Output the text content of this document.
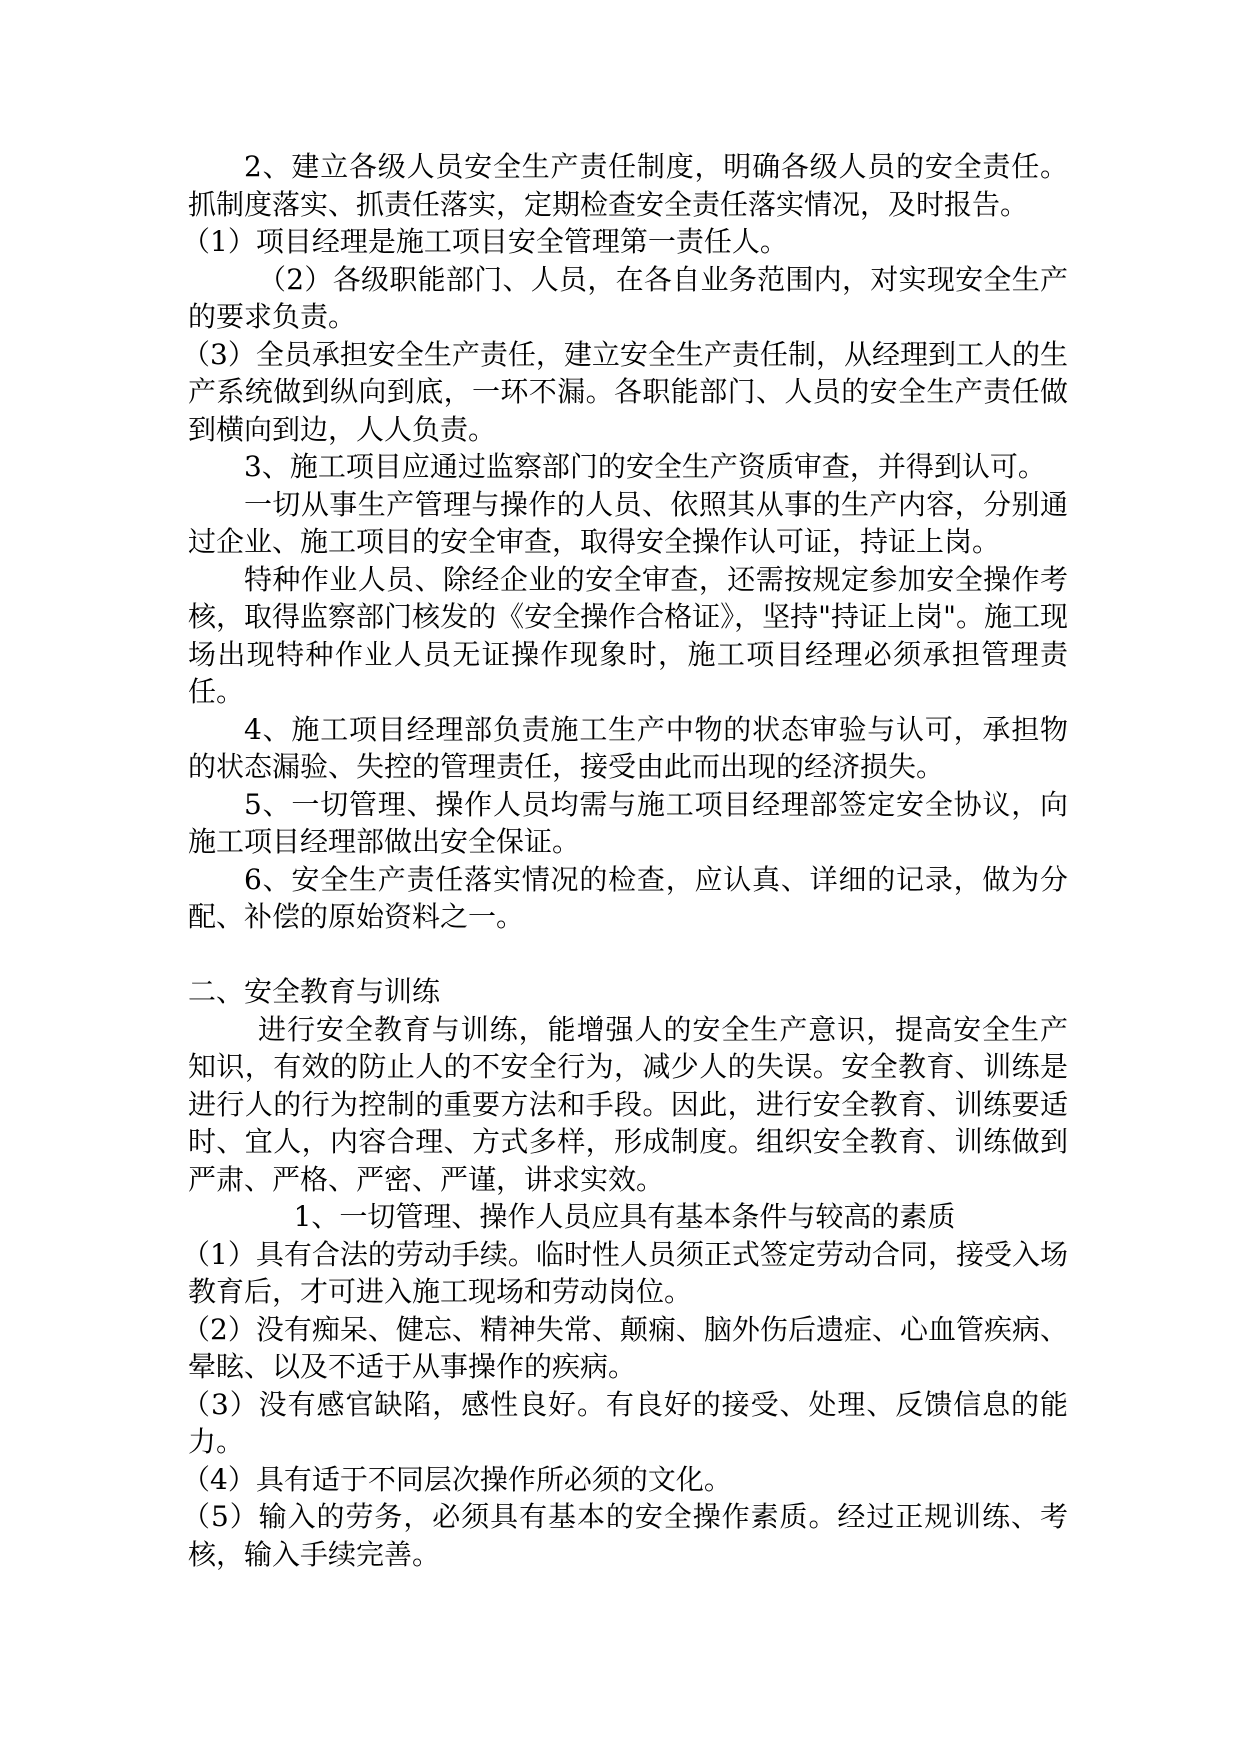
2、建立各级人员安全生产责任制度，明确各级人员的安全责任。抓制度落实、抓责任落实，定期检查安全责任落实情况，及时报告。

（1）项目经理是施工项目安全管理第一责任人。

（2）各级职能部门、人员，在各自业务范围内，对实现安全生产的要求负责。

（3）全员承担安全生产责任，建立安全生产责任制，从经理到工人的生产系统做到纵向到底，一环不漏。各职能部门、人员的安全生产责任做到横向到边，人人负责。

3、施工项目应通过监察部门的安全生产资质审查，并得到认可。

一切从事生产管理与操作的人员、依照其从事的生产内容，分别通过企业、施工项目的安全审查，取得安全操作认可证，持证上岗。

特种作业人员、除经企业的安全审查，还需按规定参加安全操作考核，取得监察部门核发的《安全操作合格证》，坚持"持证上岗"。施工现场出现特种作业人员无证操作现象时，施工项目经理必须承担管理责任。

4、施工项目经理部负责施工生产中物的状态审验与认可，承担物的状态漏验、失控的管理责任，接受由此而出现的经济损失。

5、一切管理、操作人员均需与施工项目经理部签定安全协议，向施工项目经理部做出安全保证。

6、安全生产责任落实情况的检查，应认真、详细的记录，做为分配、补偿的原始资料之一。

二、安全教育与训练

进行安全教育与训练，能增强人的安全生产意识，提高安全生产知识，有效的防止人的不安全行为，减少人的失误。安全教育、训练是进行人的行为控制的重要方法和手段。因此，进行安全教育、训练要适时、宜人，内容合理、方式多样，形成制度。组织安全教育、训练做到严肃、严格、严密、严谨，讲求实效。

1、一切管理、操作人员应具有基本条件与较高的素质

（1）具有合法的劳动手续。临时性人员须正式签定劳动合同，接受入场教育后，才可进入施工现场和劳动岗位。

（2）没有痴呆、健忘、精神失常、颠痫、脑外伤后遗症、心血管疾病、晕眩、以及不适于从事操作的疾病。

（3）没有感官缺陷，感性良好。有良好的接受、处理、反馈信息的能力。

（4）具有适于不同层次操作所必须的文化。

（5）输入的劳务，必须具有基本的安全操作素质。经过正规训练、考核，输入手续完善。
